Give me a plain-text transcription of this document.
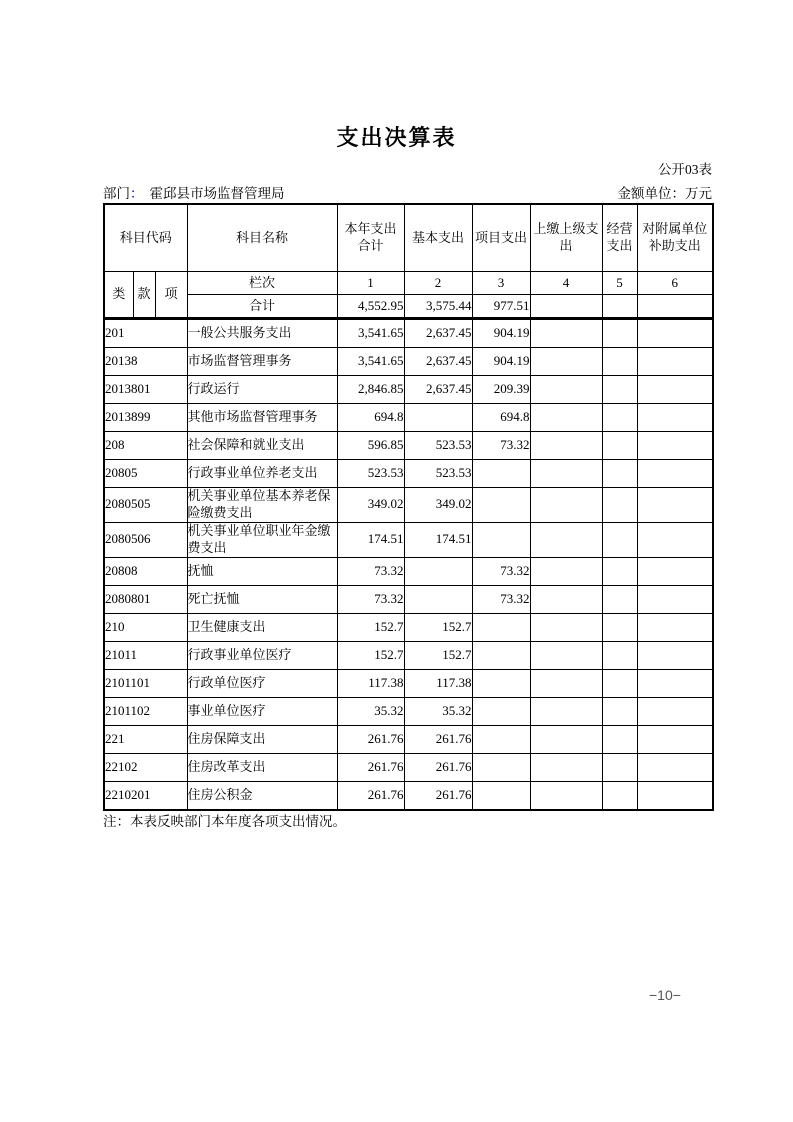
支出决算表
公开03表
部门： 霍邱县市场监督管理局	金额单位：万元
科目代码			科目名称	本年支出合计	基本支出	项目支出	上缴上级支出	经营支出	对附属单位补助支出
类	款	项	栏次	1	2	3	4	5	6
			合计	4,552.95	3,575.44	977.51			
201			一般公共服务支出	3,541.65	2,637.45	904.19			
20138			市场监督管理事务	3,541.65	2,637.45	904.19			
2013801			行政运行	2,846.85	2,637.45	209.39			
2013899			其他市场监督管理事务	694.8		694.8			
208			社会保障和就业支出	596.85	523.53	73.32			
20805			行政事业单位养老支出	523.53	523.53				
2080505			机关事业单位基本养老保险缴费支出	349.02	349.02				
2080506			机关事业单位职业年金缴费支出	174.51	174.51				
20808			抚恤	73.32		73.32			
2080801			死亡抚恤	73.32		73.32			
210			卫生健康支出	152.7	152.7				
21011			行政事业单位医疗	152.7	152.7				
2101101			行政单位医疗	117.38	117.38				
2101102			事业单位医疗	35.32	35.32				
221			住房保障支出	261.76	261.76				
22102			住房改革支出	261.76	261.76				
2210201			住房公积金	261.76	261.76				
注：本表反映部门本年度各项支出情况。
−10−
